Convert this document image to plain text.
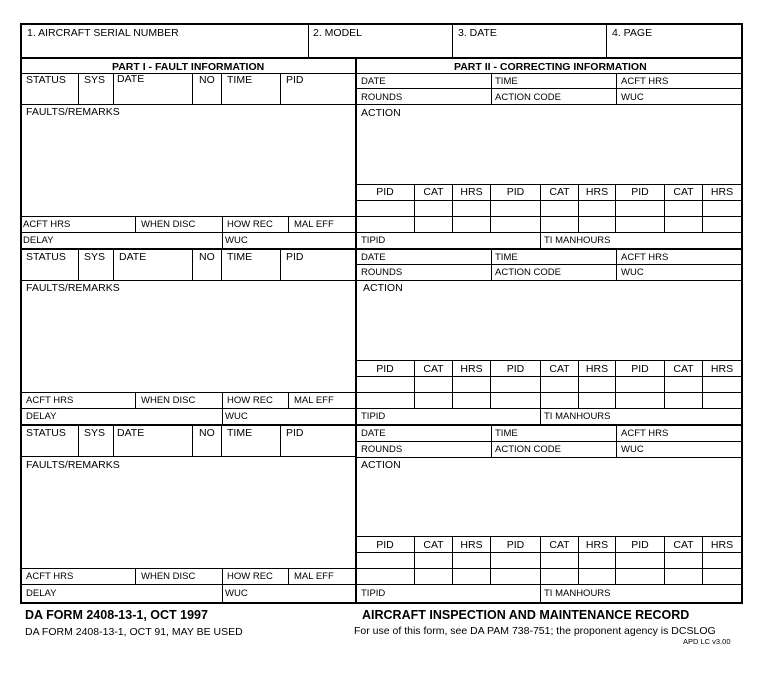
1. AIRCRAFT SERIAL NUMBER	2. MODEL	3. DATE	4. PAGE
PART I - FAULT INFORMATION	PART II - CORRECTING INFORMATION
STATUS SYS DATE	NO TIME	PID
FAULTS/REMARKS
ACFT HRS	WHEN DISC	HOW REC MAL EFF
DELAY	WUC
DATE	TIME	ACFT HRS
ROUNDS	ACTION CODE	WUC
ACTION
PID	CAT	HRS	PID	CAT	HRS	PID	CAT	HRS
TIPID	TI MANHOURS
STATUS SYS DATE	NO TIME	PID
FAULTS/REMARKS
ACFT HRS	WHEN DISC	HOW REC MAL EFF
DELAY	WUC
DATE	TIME	ACFT HRS
ROUNDS	ACTION CODE	WUC
ACTION
PID	CAT	HRS	PID	CAT	HRS	PID	CAT	HRS
TIPID	TI MANHOURS
STATUS SYS DATE	NO TIME	PID
FAULTS/REMARKS
ACFT HRS	WHEN DISC	HOW REC MAL EFF
DELAY	WUC
DATE	TIME	ACFT HRS
ROUNDS	ACTION CODE	WUC
ACTION
PID	CAT	HRS	PID	CAT	HRS	PID	CAT	HRS
TIPID	TI MANHOURS
DA FORM 2408-13-1, OCT 1997
DA FORM 2408-13-1, OCT 91, MAY BE USED
AIRCRAFT INSPECTION AND MAINTENANCE RECORD
For use of this form, see DA PAM 738-751; the proponent agency is DCSLOG
APD LC v3.00
